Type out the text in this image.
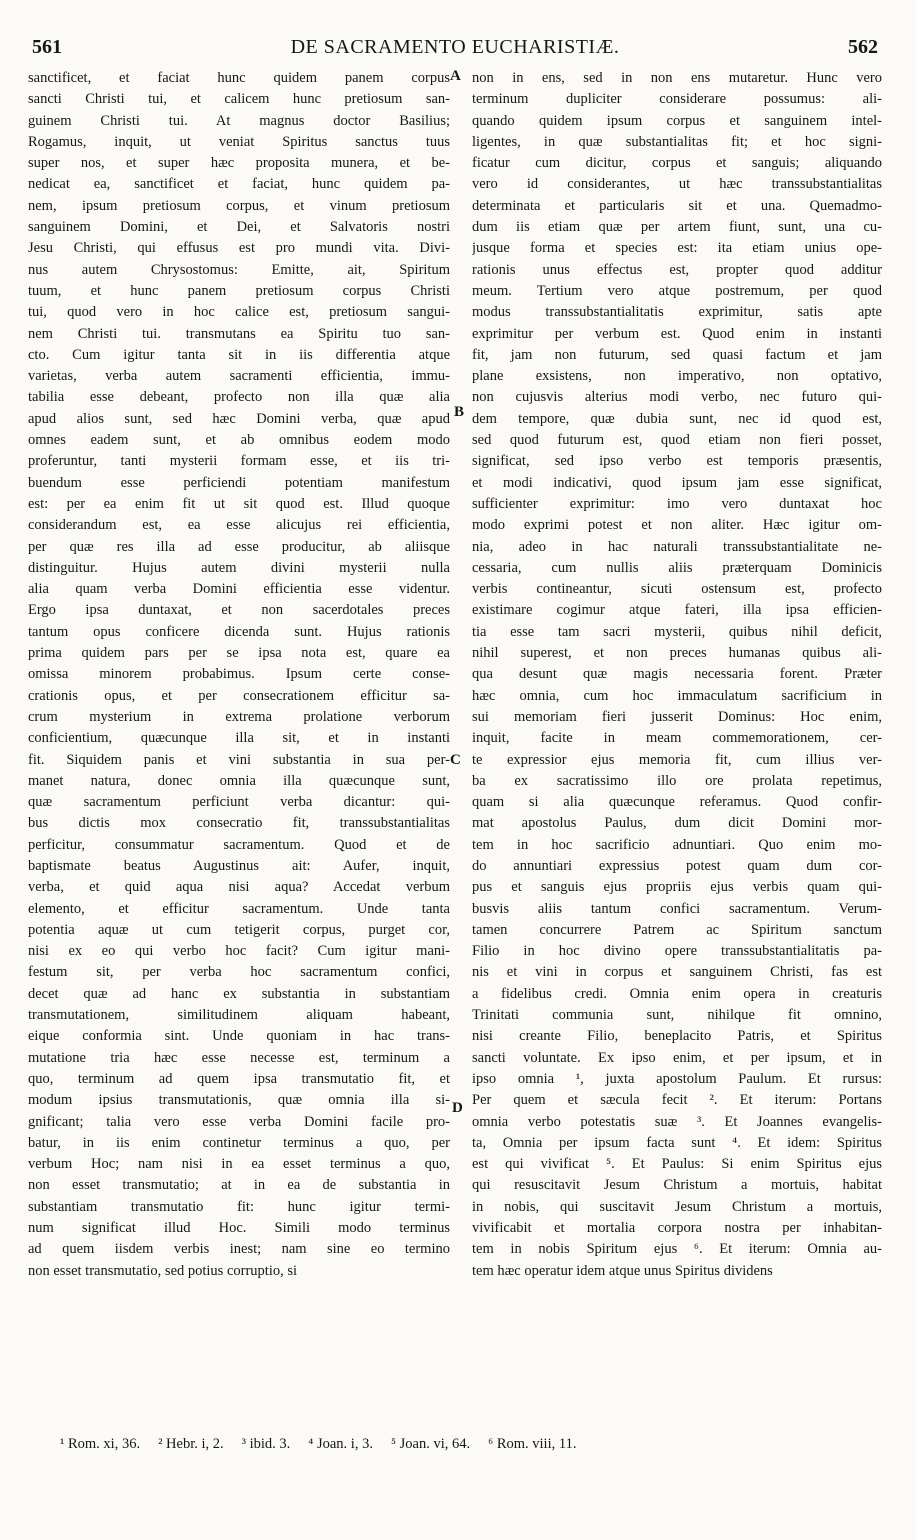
561	DE SACRAMENTO EUCHARISTIÆ.	562
sanctificet, et faciat hunc quidem panem corpus
sancti Christi tui, et calicem hunc pretiosum san-
guinem Christi tui. At magnus doctor Basilius;
Rogamus, inquit, ut veniat Spiritus sanctus tuus
super nos, et super hæc proposita munera, et be-
nedicat ea, sanctificet et faciat, hunc quidem pa-
nem, ipsum pretiosum corpus, et vinum pretiosum
sanguinem Domini, et Dei, et Salvatoris nostri
Jesu Christi, qui effusus est pro mundi vita. Divi-
nus autem Chrysostomus: Emitte, ait, Spiritum
tuum, et hunc panem pretiosum corpus Christi
tui, quod vero in hoc calice est, pretiosum sangui-
nem Christi tui. transmutans ea Spiritu tuo san-
cto. Cum igitur tanta sit in iis differentia atque
varietas, verba autem sacramenti efficientia, immu-
tabilia esse debeant, profecto non illa quæ alia
apud alios sunt, sed hæc Domini verba, quæ apud
omnes eadem sunt, et ab omnibus eodem modo
proferuntur, tanti mysterii formam esse, et iis tri-
buendum esse perficiendi potentiam manifestum
est: per ea enim fit ut sit quod est. Illud quoque
considerandum est, ea esse alicujus rei efficientia,
per quæ res illa ad esse producitur, ab aliisque
distinguitur. Hujus autem divini mysterii nulla
alia quam verba Domini efficientia esse videntur.
Ergo ipsa duntaxat, et non sacerdotales preces
tantum opus conficere dicenda sunt. Hujus rationis
prima quidem pars per se ipsa nota est, quare ea
omissa minorem probabimus. Ipsum certe conse-
crationis opus, et per consecrationem efficitur sa-
crum mysterium in extrema prolatione verborum
conficientium, quæcunque illa sit, et in instanti
fit. Siquidem panis et vini substantia in sua per-
manet natura, donec omnia illa quæcunque sunt,
quæ sacramentum perficiunt verba dicantur: qui-
bus dictis mox consecratio fit, transsubstantialitas
perficitur, consummatur sacramentum. Quod et de
baptismate beatus Augustinus ait: Aufer, inquit,
verba, et quid aqua nisi aqua? Accedat verbum
elemento, et efficitur sacramentum. Unde tanta
potentia aquæ ut cum tetigerit corpus, purget cor,
nisi ex eo qui verbo hoc facit? Cum igitur mani-
festum sit, per verba hoc sacramentum confici,
decet quæ ad hanc ex substantia in substantiam
transmutationem, similitudinem aliquam habeant,
eique conformia sint. Unde quoniam in hac trans-
mutatione tria hæc esse necesse est, terminum a
quo, terminum ad quem ipsa transmutatio fit, et
modum ipsius transmutationis, quæ omnia illa si-
gnificant; talia vero esse verba Domini facile pro-
batur, in iis enim continetur terminus a quo, per
verbum Hoc; nam nisi in ea esset terminus a quo,
non esset transmutatio; at in ea de substantia in
substantiam transmutatio fit: hunc igitur termi-
num significat illud Hoc. Simili modo terminus
ad quem iisdem verbis inest; nam sine eo termino
non esset transmutatio, sed potius corruptio, si
non in ens, sed in non ens mutaretur. Hunc vero
terminum dupliciter considerare possumus: ali-
quando quidem ipsum corpus et sanguinem intel-
ligentes, in quæ substantialitas fit; et hoc signi-
ficatur cum dicitur, corpus et sanguis; aliquando
vero id considerantes, ut hæc transsubstantialitas
determinata et particularis sit et una. Quemadmo-
dum iis etiam quæ per artem fiunt, sunt, una cu-
jusque forma et species est: ita etiam unius ope-
rationis unus effectus est, propter quod additur
meum. Tertium vero atque postremum, per quod
modus transsubstantialitatis exprimitur, satis apte
exprimitur per verbum est. Quod enim in instanti
fit, jam non futurum, sed quasi factum et jam
plane exsistens, non imperativo, non optativo,
non cujusvis alterius modi verbo, nec futuro qui-
dem tempore, quæ dubia sunt, nec id quod est,
sed quod futurum est, quod etiam non fieri posset,
significat, sed ipso verbo est temporis præsentis,
et modi indicativi, quod ipsum jam esse significat,
sufficienter exprimitur: imo vero duntaxat hoc
modo exprimi potest et non aliter. Hæc igitur om-
nia, adeo in hac naturali transsubstantialitate ne-
cessaria, cum nullis aliis præterquam Dominicis
verbis contineantur, sicuti ostensum est, profecto
existimare cogimur atque fateri, illa ipsa efficien-
tia esse tam sacri mysterii, quibus nihil deficit,
nihil superest, et non preces humanas quibus ali-
qua desunt quæ magis necessaria forent. Præter
hæc omnia, cum hoc immaculatum sacrificium in
sui memoriam fieri jusserit Dominus: Hoc enim,
inquit, facite in meam commemorationem, cer-
te expressior ejus memoria fit, cum illius ver-
ba ex sacratissimo illo ore prolata repetimus,
quam si alia quæcunque referamus. Quod confir-
mat apostolus Paulus, dum dicit Domini mor-
tem in hoc sacrificio adnuntiari. Quo enim mo-
do annuntiari expressius potest quam dum cor-
pus et sanguis ejus propriis ejus verbis quam qui-
busvis aliis tantum confici sacramentum. Verum-
tamen concurrere Patrem ac Spiritum sanctum
Filio in hoc divino opere transsubstantialitatis pa-
nis et vini in corpus et sanguinem Christi, fas est
a fidelibus credi. Omnia enim opera in creaturis
Trinitati communia sunt, nihilque fit omnino,
nisi creante Filio, beneplacito Patris, et Spiritus
sancti voluntate. Ex ipso enim, et per ipsum, et in
ipso omnia ¹, juxta apostolum Paulum. Et rursus:
Per quem et sæcula fecit ². Et iterum: Portans
omnia verbo potestatis suæ ³. Et Joannes evangelis-
ta, Omnia per ipsum facta sunt ⁴. Et idem: Spiritus
est qui vivificat ⁵. Et Paulus: Si enim Spiritus ejus
qui resuscitavit Jesum Christum a mortuis, habitat
in nobis, qui suscitavit Jesum Christum a mortuis,
vivificabit et mortalia corpora nostra per inhabitan-
tem in nobis Spiritum ejus ⁶. Et iterum: Omnia au-
tem hæc operatur idem atque unus Spiritus dividens
A
B
C
D
¹ Rom. xi, 36. ² Hebr. i, 2. ³ ibid. 3. ⁴ Joan. i, 3. ⁵ Joan. vi, 64. ⁶ Rom. viii, 11.
